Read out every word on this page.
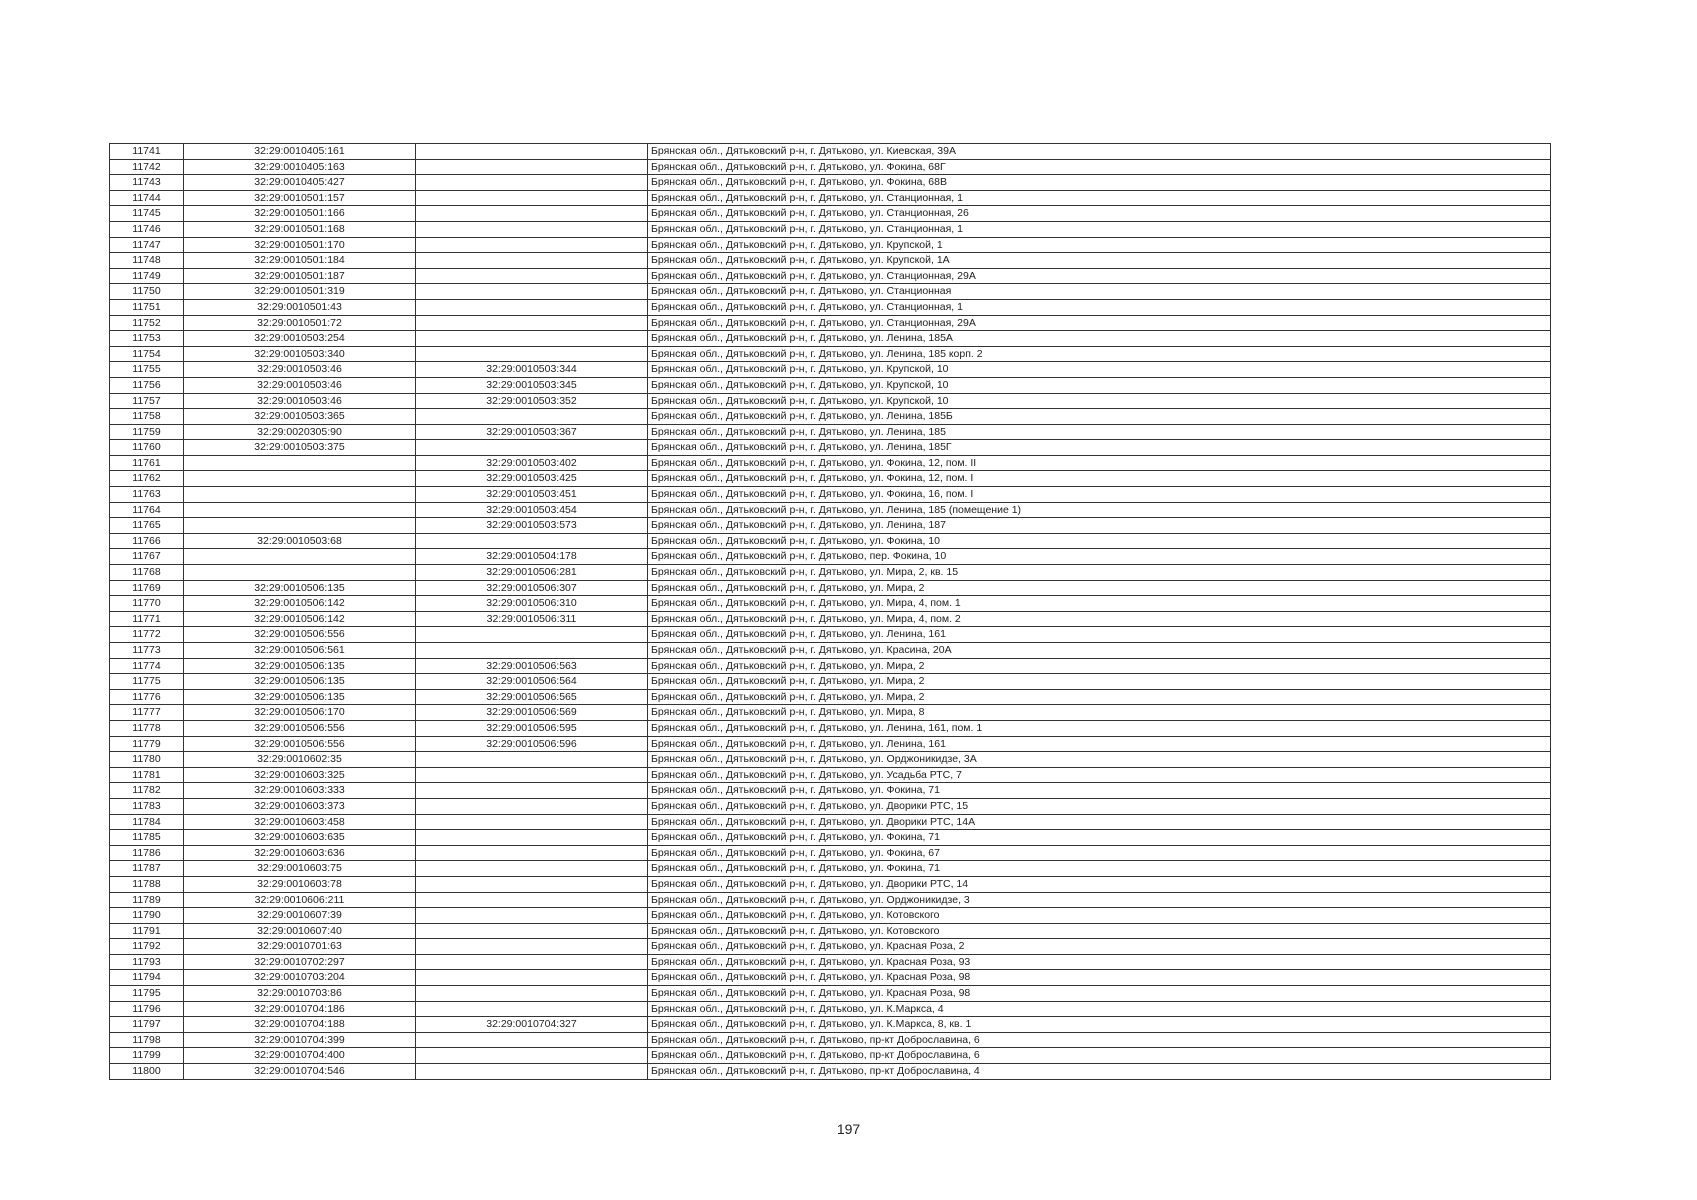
11741	32:29:0010405:161		Брянская обл., Дятьковский р-н, г. Дятьково, ул. Киевская, 39А
11742	32:29:0010405:163		Брянская обл., Дятьковский р-н, г. Дятьково, ул. Фокина, 68Г
11743	32:29:0010405:427		Брянская обл., Дятьковский р-н, г. Дятьково, ул. Фокина, 68В
11744	32:29:0010501:157		Брянская обл., Дятьковский р-н, г. Дятьково, ул. Станционная, 1
11745	32:29:0010501:166		Брянская обл., Дятьковский р-н, г. Дятьково, ул. Станционная, 26
11746	32:29:0010501:168		Брянская обл., Дятьковский р-н, г. Дятьково, ул. Станционная, 1
11747	32:29:0010501:170		Брянская обл., Дятьковский р-н, г. Дятьково, ул. Крупской, 1
11748	32:29:0010501:184		Брянская обл., Дятьковский р-н, г. Дятьково, ул. Крупской, 1А
11749	32:29:0010501:187		Брянская обл., Дятьковский р-н, г. Дятьково, ул. Станционная, 29А
11750	32:29:0010501:319		Брянская обл., Дятьковский р-н, г. Дятьково, ул. Станционная
11751	32:29:0010501:43		Брянская обл., Дятьковский р-н, г. Дятьково, ул. Станционная, 1
11752	32:29:0010501:72		Брянская обл., Дятьковский р-н, г. Дятьково, ул. Станционная, 29А
11753	32:29:0010503:254		Брянская обл., Дятьковский р-н, г. Дятьково, ул. Ленина, 185А
11754	32:29:0010503:340		Брянская обл., Дятьковский р-н, г. Дятьково, ул. Ленина, 185 корп. 2
11755	32:29:0010503:46	32:29:0010503:344	Брянская обл., Дятьковский р-н, г. Дятьково, ул. Крупской, 10
11756	32:29:0010503:46	32:29:0010503:345	Брянская обл., Дятьковский р-н, г. Дятьково, ул. Крупской, 10
11757	32:29:0010503:46	32:29:0010503:352	Брянская обл., Дятьковский р-н, г. Дятьково, ул. Крупской, 10
11758	32:29:0010503:365		Брянская обл., Дятьковский р-н, г. Дятьково, ул. Ленина, 185Б
11759	32:29:0020305:90	32:29:0010503:367	Брянская обл., Дятьковский р-н, г. Дятьково, ул. Ленина, 185
11760	32:29:0010503:375		Брянская обл., Дятьковский р-н, г. Дятьково, ул. Ленина, 185Г
11761		32:29:0010503:402	Брянская обл., Дятьковский р-н, г. Дятьково, ул. Фокина, 12, пом. II
11762		32:29:0010503:425	Брянская обл., Дятьковский р-н, г. Дятьково, ул. Фокина, 12, пом. I
11763		32:29:0010503:451	Брянская обл., Дятьковский р-н, г. Дятьково, ул. Фокина, 16, пом. I
11764		32:29:0010503:454	Брянская обл., Дятьковский р-н, г. Дятьково, ул. Ленина, 185 (помещение 1)
11765		32:29:0010503:573	Брянская обл., Дятьковский р-н, г. Дятьково, ул. Ленина, 187
11766	32:29:0010503:68		Брянская обл., Дятьковский р-н, г. Дятьково, ул. Фокина, 10
11767		32:29:0010504:178	Брянская обл., Дятьковский р-н, г. Дятьково, пер. Фокина, 10
11768		32:29:0010506:281	Брянская обл., Дятьковский р-н, г. Дятьково, ул. Мира, 2, кв. 15
11769	32:29:0010506:135	32:29:0010506:307	Брянская обл., Дятьковский р-н, г. Дятьково, ул. Мира, 2
11770	32:29:0010506:142	32:29:0010506:310	Брянская обл., Дятьковский р-н, г. Дятьково, ул. Мира, 4, пом. 1
11771	32:29:0010506:142	32:29:0010506:311	Брянская обл., Дятьковский р-н, г. Дятьково, ул. Мира, 4, пом. 2
11772	32:29:0010506:556		Брянская обл., Дятьковский р-н, г. Дятьково, ул. Ленина, 161
11773	32:29:0010506:561		Брянская обл., Дятьковский р-н, г. Дятьково, ул. Красина, 20А
11774	32:29:0010506:135	32:29:0010506:563	Брянская обл., Дятьковский р-н, г. Дятьково, ул. Мира, 2
11775	32:29:0010506:135	32:29:0010506:564	Брянская обл., Дятьковский р-н, г. Дятьково, ул. Мира, 2
11776	32:29:0010506:135	32:29:0010506:565	Брянская обл., Дятьковский р-н, г. Дятьково, ул. Мира, 2
11777	32:29:0010506:170	32:29:0010506:569	Брянская обл., Дятьковский р-н, г. Дятьково, ул. Мира, 8
11778	32:29:0010506:556	32:29:0010506:595	Брянская обл., Дятьковский р-н, г. Дятьково, ул. Ленина, 161, пом. 1
11779	32:29:0010506:556	32:29:0010506:596	Брянская обл., Дятьковский р-н, г. Дятьково, ул. Ленина, 161
11780	32:29:0010602:35		Брянская обл., Дятьковский р-н, г. Дятьково, ул. Орджоникидзе, 3А
11781	32:29:0010603:325		Брянская обл., Дятьковский р-н, г. Дятьково, ул. Усадьба РТС, 7
11782	32:29:0010603:333		Брянская обл., Дятьковский р-н, г. Дятьково, ул. Фокина, 71
11783	32:29:0010603:373		Брянская обл., Дятьковский р-н, г. Дятьково, ул. Дворики РТС, 15
11784	32:29:0010603:458		Брянская обл., Дятьковский р-н, г. Дятьково, ул. Дворики РТС, 14А
11785	32:29:0010603:635		Брянская обл., Дятьковский р-н, г. Дятьково, ул. Фокина, 71
11786	32:29:0010603:636		Брянская обл., Дятьковский р-н, г. Дятьково, ул. Фокина, 67
11787	32:29:0010603:75		Брянская обл., Дятьковский р-н, г. Дятьково, ул. Фокина, 71
11788	32:29:0010603:78		Брянская обл., Дятьковский р-н, г. Дятьково, ул. Дворики РТС, 14
11789	32:29:0010606:211		Брянская обл., Дятьковский р-н, г. Дятьково, ул. Орджоникидзе, 3
11790	32:29:0010607:39		Брянская обл., Дятьковский р-н, г. Дятьково, ул. Котовского
11791	32:29:0010607:40		Брянская обл., Дятьковский р-н, г. Дятьково, ул. Котовского
11792	32:29:0010701:63		Брянская обл., Дятьковский р-н, г. Дятьково, ул. Красная Роза, 2
11793	32:29:0010702:297		Брянская обл., Дятьковский р-н, г. Дятьково, ул. Красная Роза, 93
11794	32:29:0010703:204		Брянская обл., Дятьковский р-н, г. Дятьково, ул. Красная Роза, 98
11795	32:29:0010703:86		Брянская обл., Дятьковский р-н, г. Дятьково, ул. Красная Роза, 98
11796	32:29:0010704:186		Брянская обл., Дятьковский р-н, г. Дятьково, ул. К.Маркса, 4
11797	32:29:0010704:188	32:29:0010704:327	Брянская обл., Дятьковский р-н, г. Дятьково, ул. К.Маркса, 8, кв. 1
11798	32:29:0010704:399		Брянская обл., Дятьковский р-н, г. Дятьково, пр-кт Доброславина, 6
11799	32:29:0010704:400		Брянская обл., Дятьковский р-н, г. Дятьково, пр-кт Доброславина, 6
11800	32:29:0010704:546		Брянская обл., Дятьковский р-н, г. Дятьково, пр-кт Доброславина, 4
197
